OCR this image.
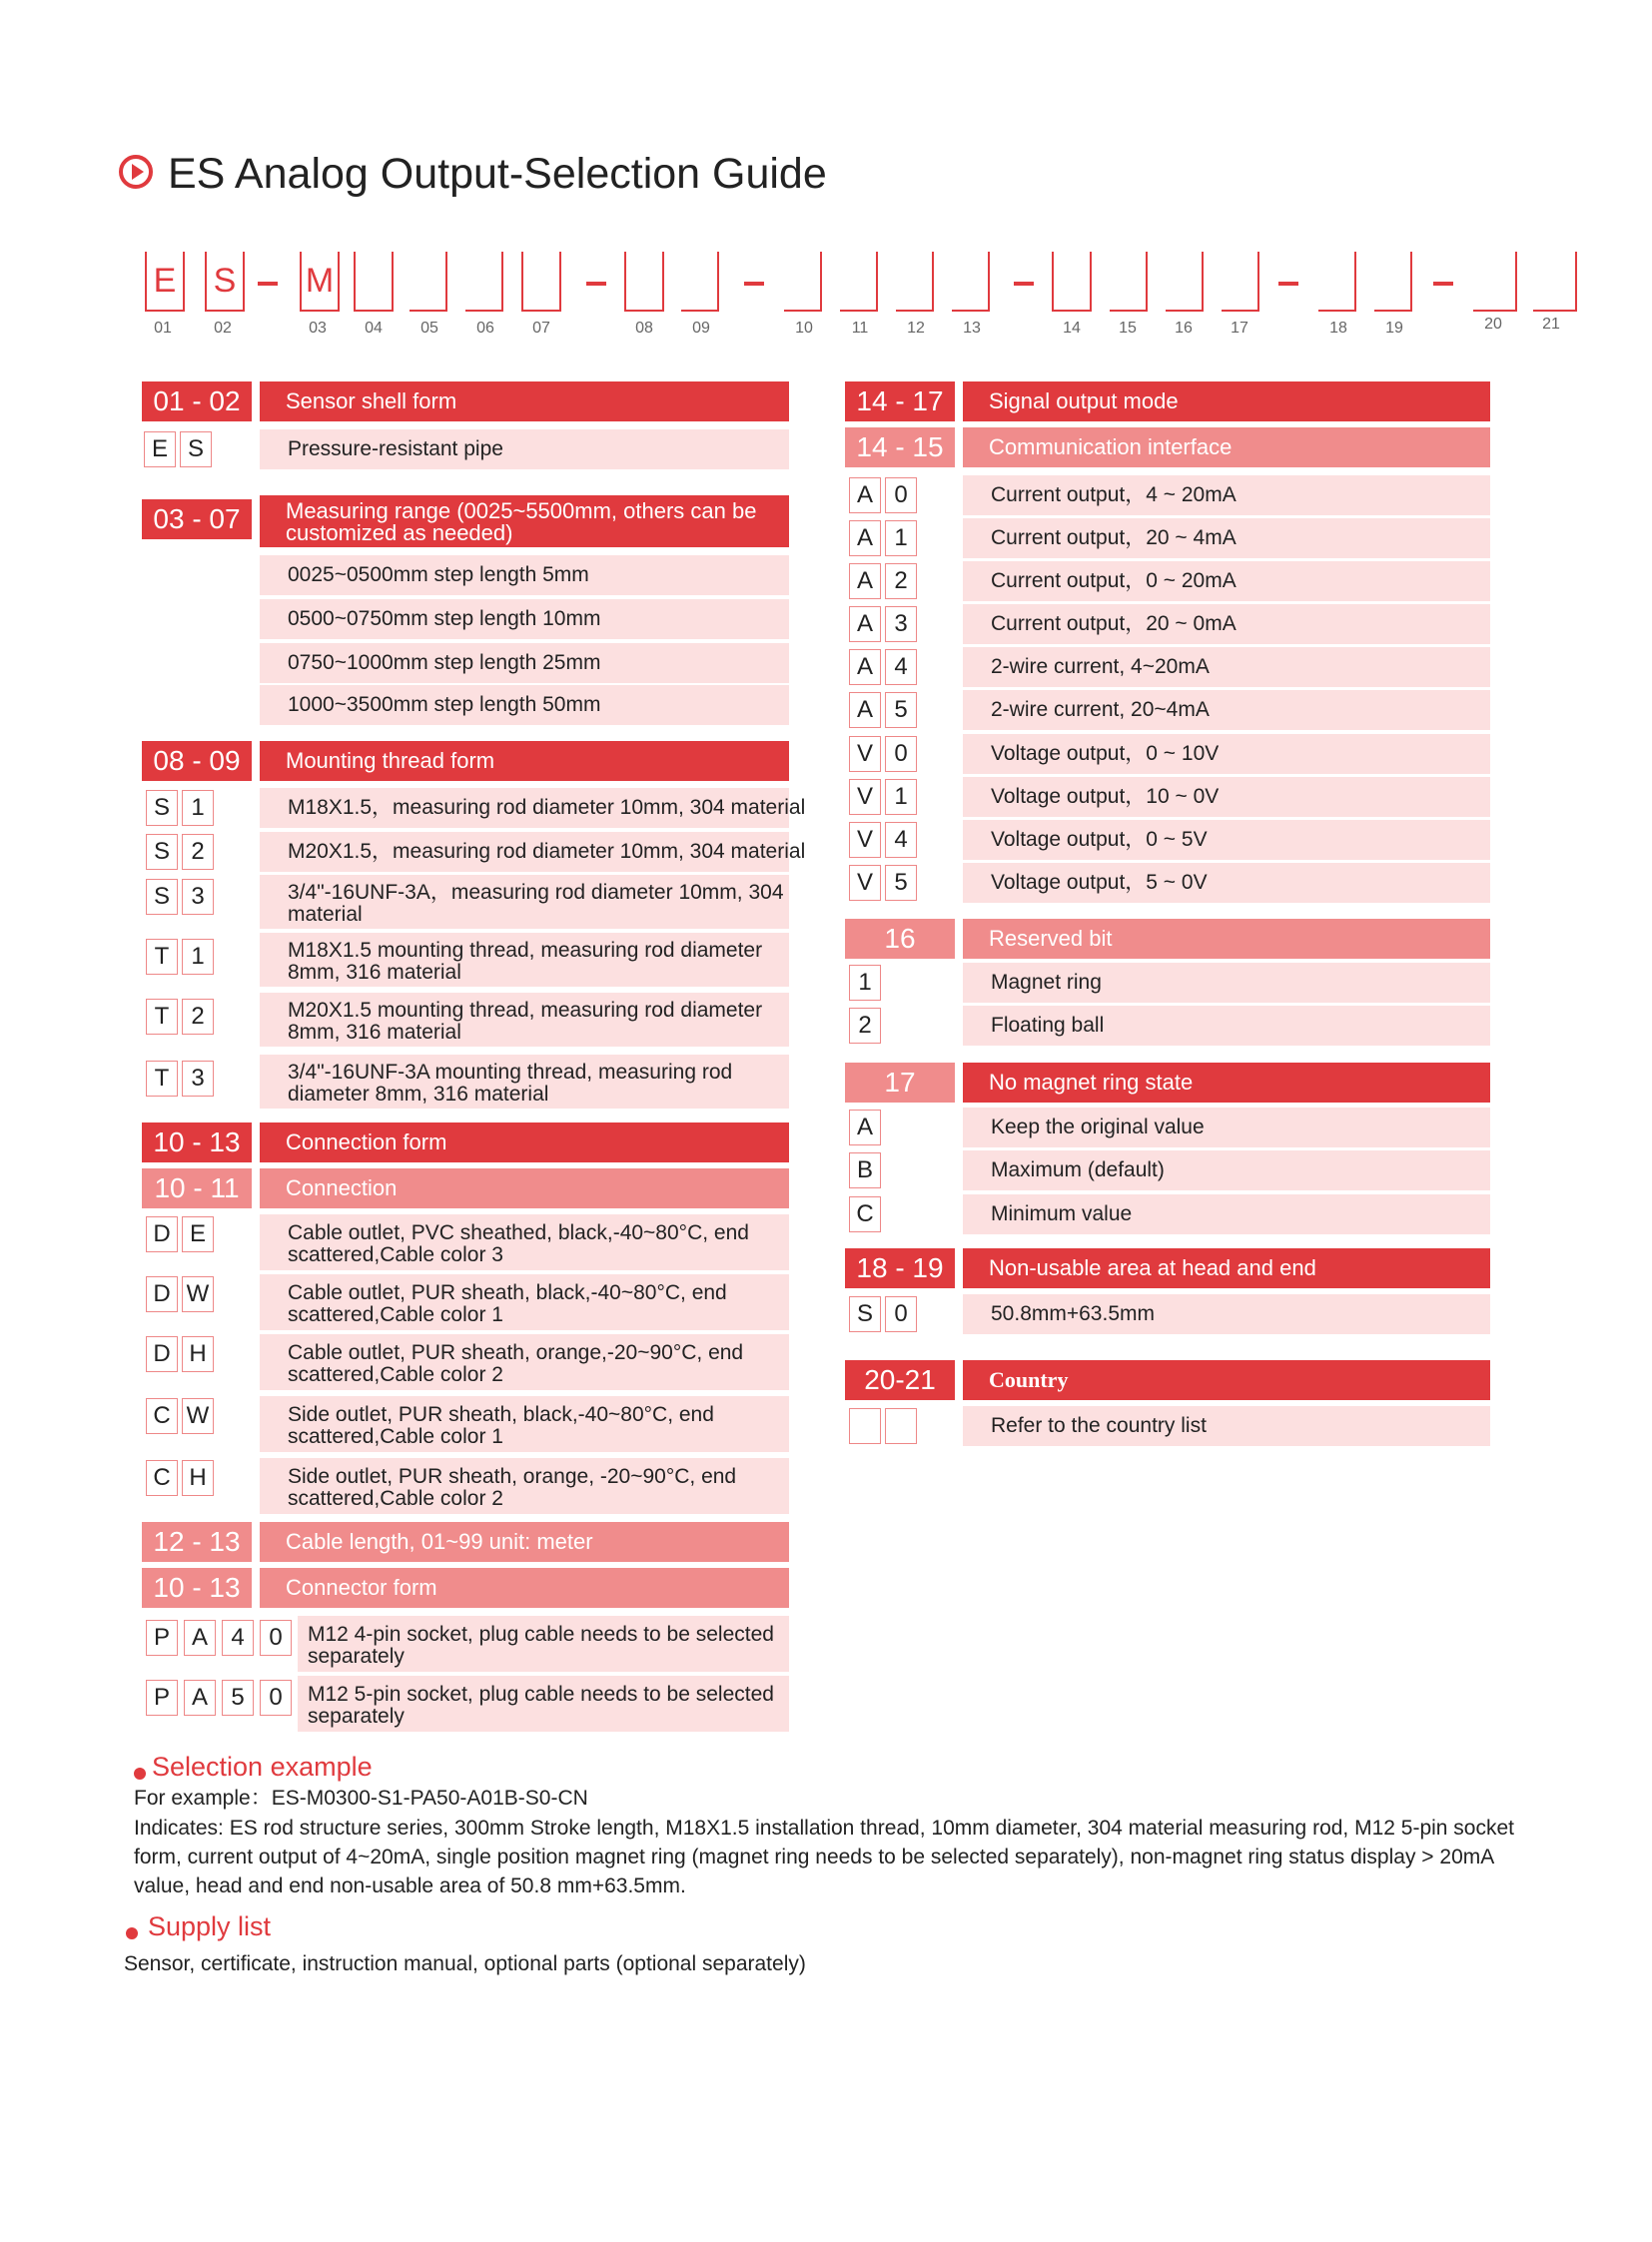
ES Analog Output-Selection Guide
E S M
01	02	03	04	05	06	07	08	09	10	11	12	13	14	15	16	17	18	19	20	21
01 - 02	Sensor shell form
E S	Pressure-resistant pipe
03 - 07	Measuring range (0025~5500mm, others can be customized as needed)
0025~0500mm step length 5mm
0500~0750mm step length 10mm
0750~1000mm step length 25mm
1000~3500mm step length 50mm
08 - 09	Mounting thread form
S 1	M18X1.5，measuring rod diameter 10mm, 304 material
S 2	M20X1.5，measuring rod diameter 10mm, 304 material
S 3	3/4"-16UNF-3A，measuring rod diameter 10mm, 304 material
T 1	M18X1.5 mounting thread, measuring rod diameter 8mm, 316 material
T 2	M20X1.5 mounting thread, measuring rod diameter 8mm, 316 material
T 3	3/4"-16UNF-3A mounting thread, measuring rod diameter 8mm, 316 material
10 - 13	Connection form
10 - 11	Connection
D E	Cable outlet, PVC sheathed, black,-40~80°C, end scattered,Cable color 3
D W	Cable outlet, PUR sheath, black,-40~80°C, end scattered,Cable color 1
D H	Cable outlet, PUR sheath, orange,-20~90°C, end scattered,Cable color 2
C W	Side outlet, PUR sheath, black,-40~80°C, end scattered,Cable color 1
C H	Side outlet, PUR sheath, orange, -20~90°C, end scattered,Cable color 2
12 - 13	Cable length, 01~99 unit: meter
10 - 13	Connector form
P A 4	0	M12 4-pin socket, plug cable needs to be selected separately
P A 5	0	M12 5-pin socket, plug cable needs to be selected separately
14 - 17	Signal output mode
14 - 15	Communication interface
A 0	Current output，4 ~ 20mA
A 1	Current output，20 ~ 4mA
A 2	Current output，0 ~ 20mA
A 3	Current output，20 ~ 0mA
A 4	2-wire current, 4~20mA
A 5	2-wire current, 20~4mA
V 0	Voltage output，0 ~ 10V
V 1	Voltage output，10 ~ 0V
V 4	Voltage output，0 ~ 5V
V 5	Voltage output，5 ~ 0V
16	Reserved bit
1	Magnet ring
2	Floating ball
17	No magnet ring state
A	Keep the original value
B	Maximum (default)
C	Minimum value
18 - 19	Non-usable area at head and end
S 0	50.8mm+63.5mm
20-21	Country
Refer to the country list
Selection example
For example：ES-M0300-S1-PA50-A01B-S0-CN
Indicates: ES rod structure series, 300mm Stroke length, M18X1.5 installation thread, 10mm diameter, 304 material measuring rod, M12 5-pin socket form, current output of 4~20mA, single position magnet ring (magnet ring needs to be selected separately), non-magnet ring status display > 20mA value, head and end non-usable area of 50.8 mm+63.5mm.
Supply list
Sensor, certificate, instruction manual, optional parts (optional separately)
